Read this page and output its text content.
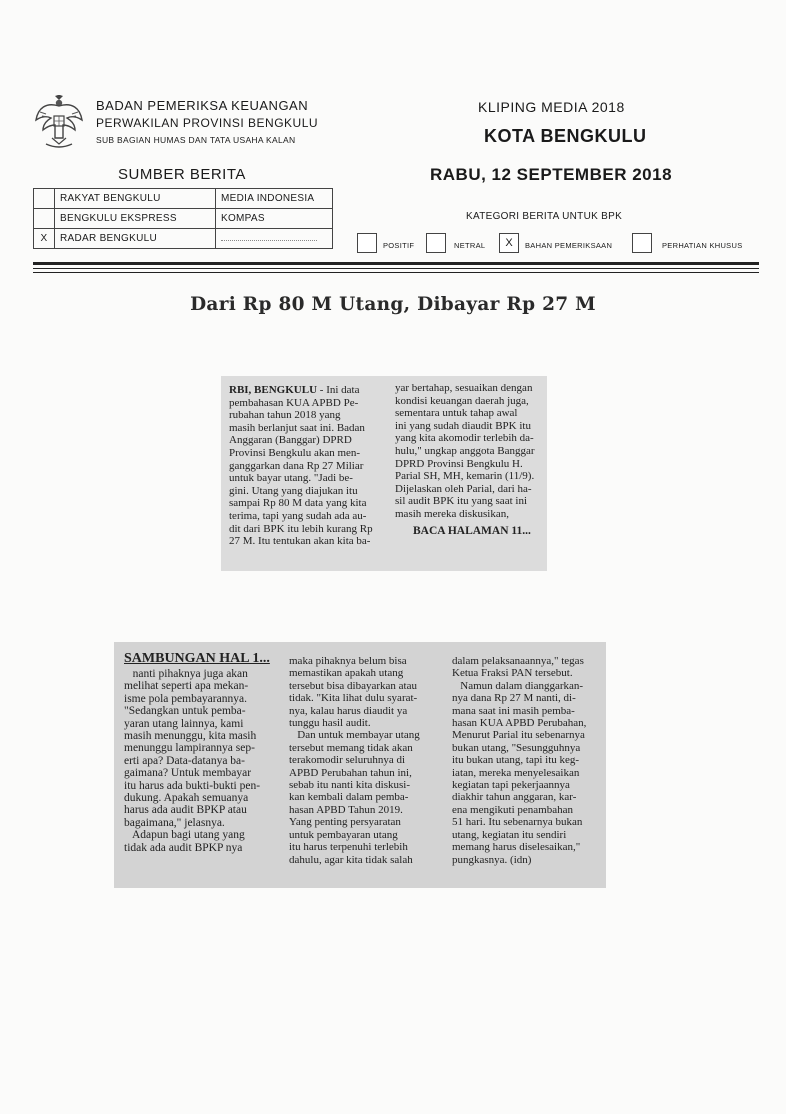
BADAN PEMERIKSA KEUANGAN
PERWAKILAN PROVINSI BENGKULU
SUB BAGIAN HUMAS DAN TATA USAHA KALAN
KLIPING MEDIA 2018
KOTA BENGKULU
SUMBER BERITA	RABU, 12 SEPTEMBER 2018
	RAKYAT BENGKULU	MEDIA INDONESIA
	BENGKULU EKSPRESS	KOMPAS
X	RADAR BENGKULU	
KATEGORI BERITA UNTUK BPK
POSITIF	NETRAL	X	BAHAN PEMERIKSAAN	PERHATIAN KHUSUS
Dari Rp 80 M Utang, Dibayar Rp 27 M

RBI, BENGKULU - Ini data

pembahasan KUA APBD Pe-

rubahan tahun 2018 yang

masih berlanjut saat ini. Badan

Anggaran (Banggar) DPRD

Provinsi Bengkulu akan men-

ganggarkan dana Rp 27 Miliar

untuk bayar utang. "Jadi be-

gini. Utang yang diajukan itu

sampai Rp 80 M data yang kita

terima, tapi yang sudah ada au-

dit dari BPK itu lebih kurang Rp

27 M. Itu tentukan akan kita ba-

yar bertahap, sesuaikan dengan

kondisi keuangan daerah juga,

sementara untuk tahap awal

ini yang sudah diaudit BPK itu

yang kita akomodir terlebih da-

hulu," ungkap anggota Banggar

DPRD Provinsi Bengkulu H.

Parial SH, MH, kemarin (11/9).

Dijelaskan oleh Parial, dari ha-

sil audit BPK itu yang saat ini

masih mereka diskusikan,

BACA HALAMAN 11...

SAMBUNGAN HAL 1...

nanti pihaknya juga akan

melihat seperti apa mekan-

isme pola pembayarannya.

"Sedangkan untuk pemba-

yaran utang lainnya, kami

masih menunggu, kita masih

menunggu lampirannya sep-

erti apa? Data-datanya ba-

gaimana? Untuk membayar

itu harus ada bukti-bukti pen-

dukung. Apakah semuanya

harus ada audit BPKP atau

bagaimana," jelasnya.

Adapun bagi utang yang

tidak ada audit BPKP nya

maka pihaknya belum bisa

memastikan apakah utang

tersebut bisa dibayarkan atau

tidak. "Kita lihat dulu syarat-

nya, kalau harus diaudit ya

tunggu hasil audit.

Dan untuk membayar utang

tersebut memang tidak akan

terakomodir seluruhnya di

APBD Perubahan tahun ini,

sebab itu nanti kita diskusi-

kan kembali dalam pemba-

hasan APBD Tahun 2019.

Yang penting persyaratan

untuk pembayaran utang

itu harus terpenuhi terlebih

dahulu, agar kita tidak salah

dalam pelaksanaannya," tegas

Ketua Fraksi PAN tersebut.

Namun dalam dianggarkan-

nya dana Rp 27 M nanti, di-

mana saat ini masih pemba-

hasan KUA APBD Perubahan,

Menurut Parial itu sebenarnya

bukan utang, "Sesungguhnya

itu bukan utang, tapi itu keg-

iatan, mereka menyelesaikan

kegiatan tapi pekerjaannya

diakhir tahun anggaran, kar-

ena mengikuti penambahan

51 hari. Itu sebenarnya bukan

utang, kegiatan itu sendiri

memang harus diselesaikan,"

pungkasnya. (idn)
